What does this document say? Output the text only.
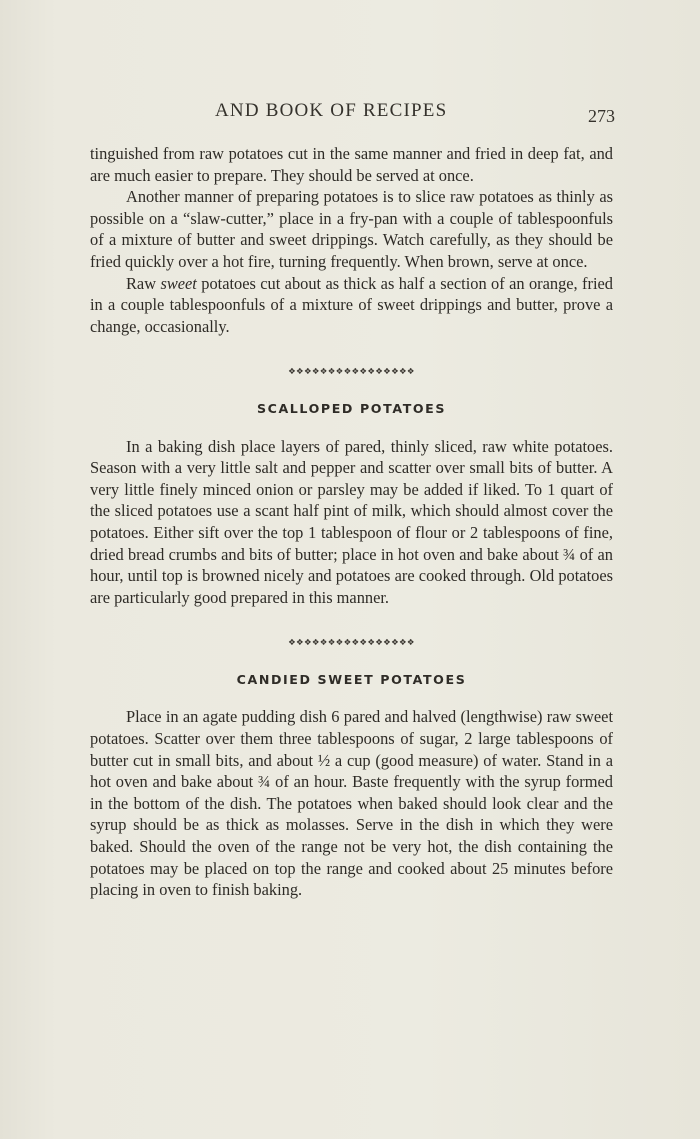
AND BOOK OF RECIPES	273

tinguished from raw potatoes cut in the same manner and fried in deep fat, and are much easier to prepare. They should be served at once.

Another manner of preparing potatoes is to slice raw potatoes as thinly as possible on a “slaw-cutter,” place in a fry-pan with a couple of tablespoonfuls of a mixture of butter and sweet drippings. Watch carefully, as they should be fried quickly over a hot fire, turning frequently. When brown, serve at once.

Raw sweet potatoes cut about as thick as half a section of an orange, fried in a couple tablespoonfuls of a mixture of sweet drippings and butter, prove a change, occasionally.

❖❖❖❖❖❖❖❖❖❖❖❖❖❖❖❖
SCALLOPED POTATOES

In a baking dish place layers of pared, thinly sliced, raw white potatoes. Season with a very little salt and pepper and scatter over small bits of butter. A very little finely minced onion or parsley may be added if liked. To 1 quart of the sliced potatoes use a scant half pint of milk, which should almost cover the potatoes. Either sift over the top 1 tablespoon of flour or 2 tablespoons of fine, dried bread crumbs and bits of butter; place in hot oven and bake about ¾ of an hour, until top is browned nicely and potatoes are cooked through. Old potatoes are particularly good prepared in this manner.

❖❖❖❖❖❖❖❖❖❖❖❖❖❖❖❖
CANDIED SWEET POTATOES

Place in an agate pudding dish 6 pared and halved (lengthwise) raw sweet potatoes. Scatter over them three tablespoons of sugar, 2 large tablespoons of butter cut in small bits, and about ½ a cup (good measure) of water. Stand in a hot oven and bake about ¾ of an hour. Baste frequently with the syrup formed in the bottom of the dish. The potatoes when baked should look clear and the syrup should be as thick as molasses. Serve in the dish in which they were baked. Should the oven of the range not be very hot, the dish containing the potatoes may be placed on top the range and cooked about 25 minutes before placing in oven to finish baking.
